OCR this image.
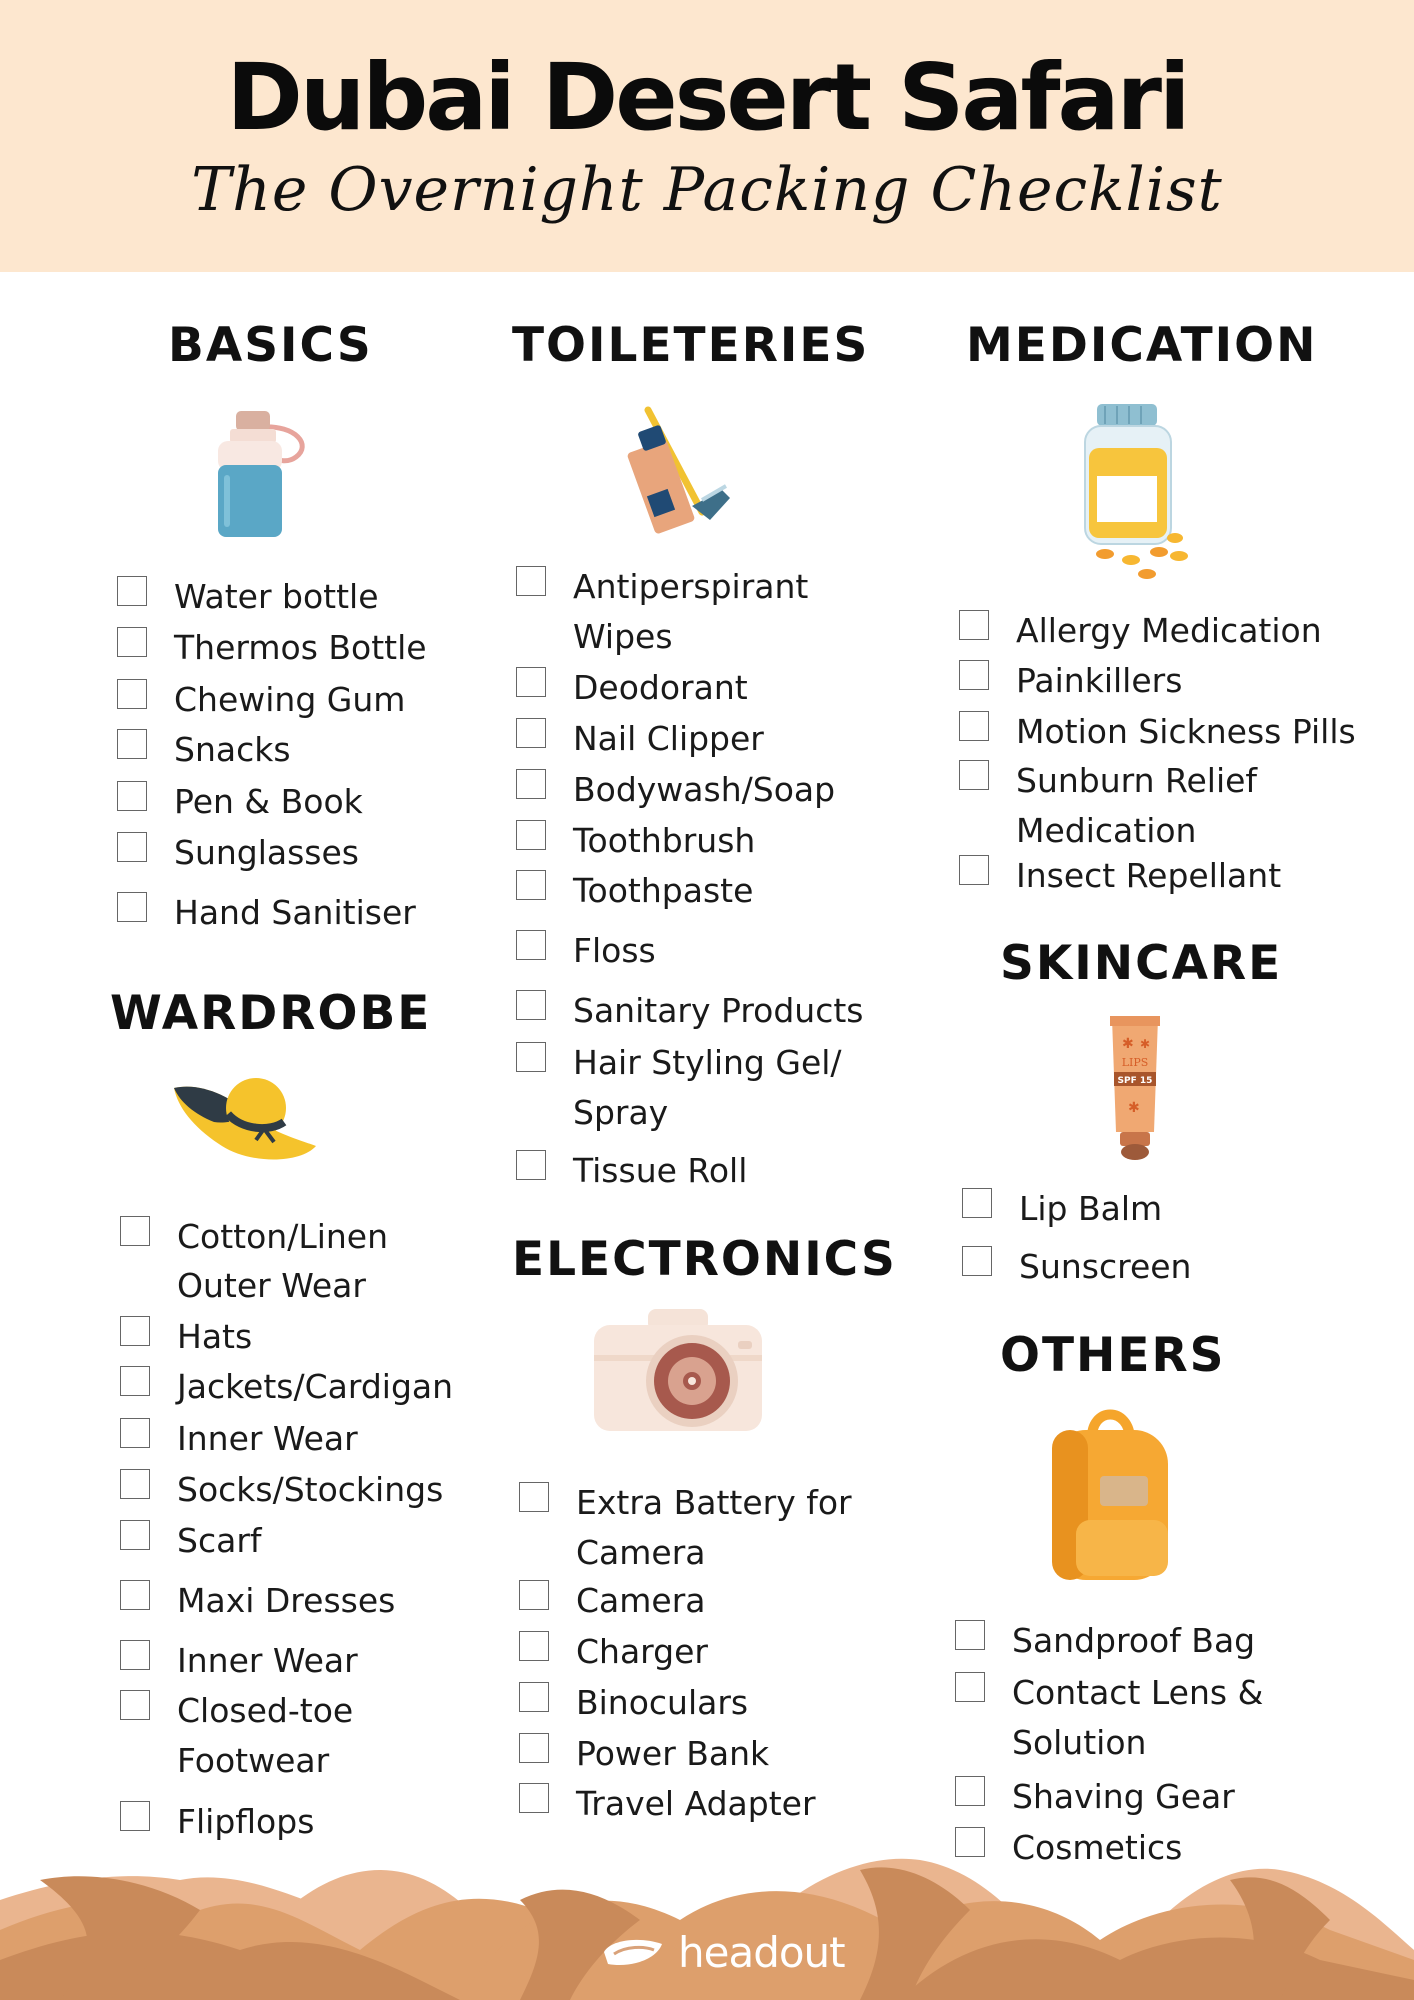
Dubai Desert Safari
The Overnight Packing Checklist
BASICS	TOILETERIES MEDICATION
WARDROBE
ELECTRONICS
SKINCARE
LIPS
SPF 15
✱ ✱
✱
OTHERS
Water bottle
Thermos Bottle
Chewing Gum
Snacks
Pen & Book
Sunglasses
Hand Sanitiser
Cotton/Linen
Outer Wear
Hats
Jackets/Cardigan
Inner Wear
Socks/Stockings
Scarf
Maxi Dresses
Inner Wear
Closed-toe
Footwear
Flipflops
Antiperspirant
Wipes
Deodorant
Nail Clipper
Bodywash/Soap
Toothbrush
Toothpaste
Floss
Sanitary Products
Hair Styling Gel/
Spray
Tissue Roll
Extra Battery for
Camera
Camera
Charger
Binoculars
Power Bank
Travel Adapter
Allergy Medication
Painkillers
Motion Sickness Pills
Sunburn Relief
Medication
Insect Repellant
Lip Balm
Sunscreen
Sandproof Bag
Contact Lens &
Solution
Shaving Gear
Cosmetics
headout
